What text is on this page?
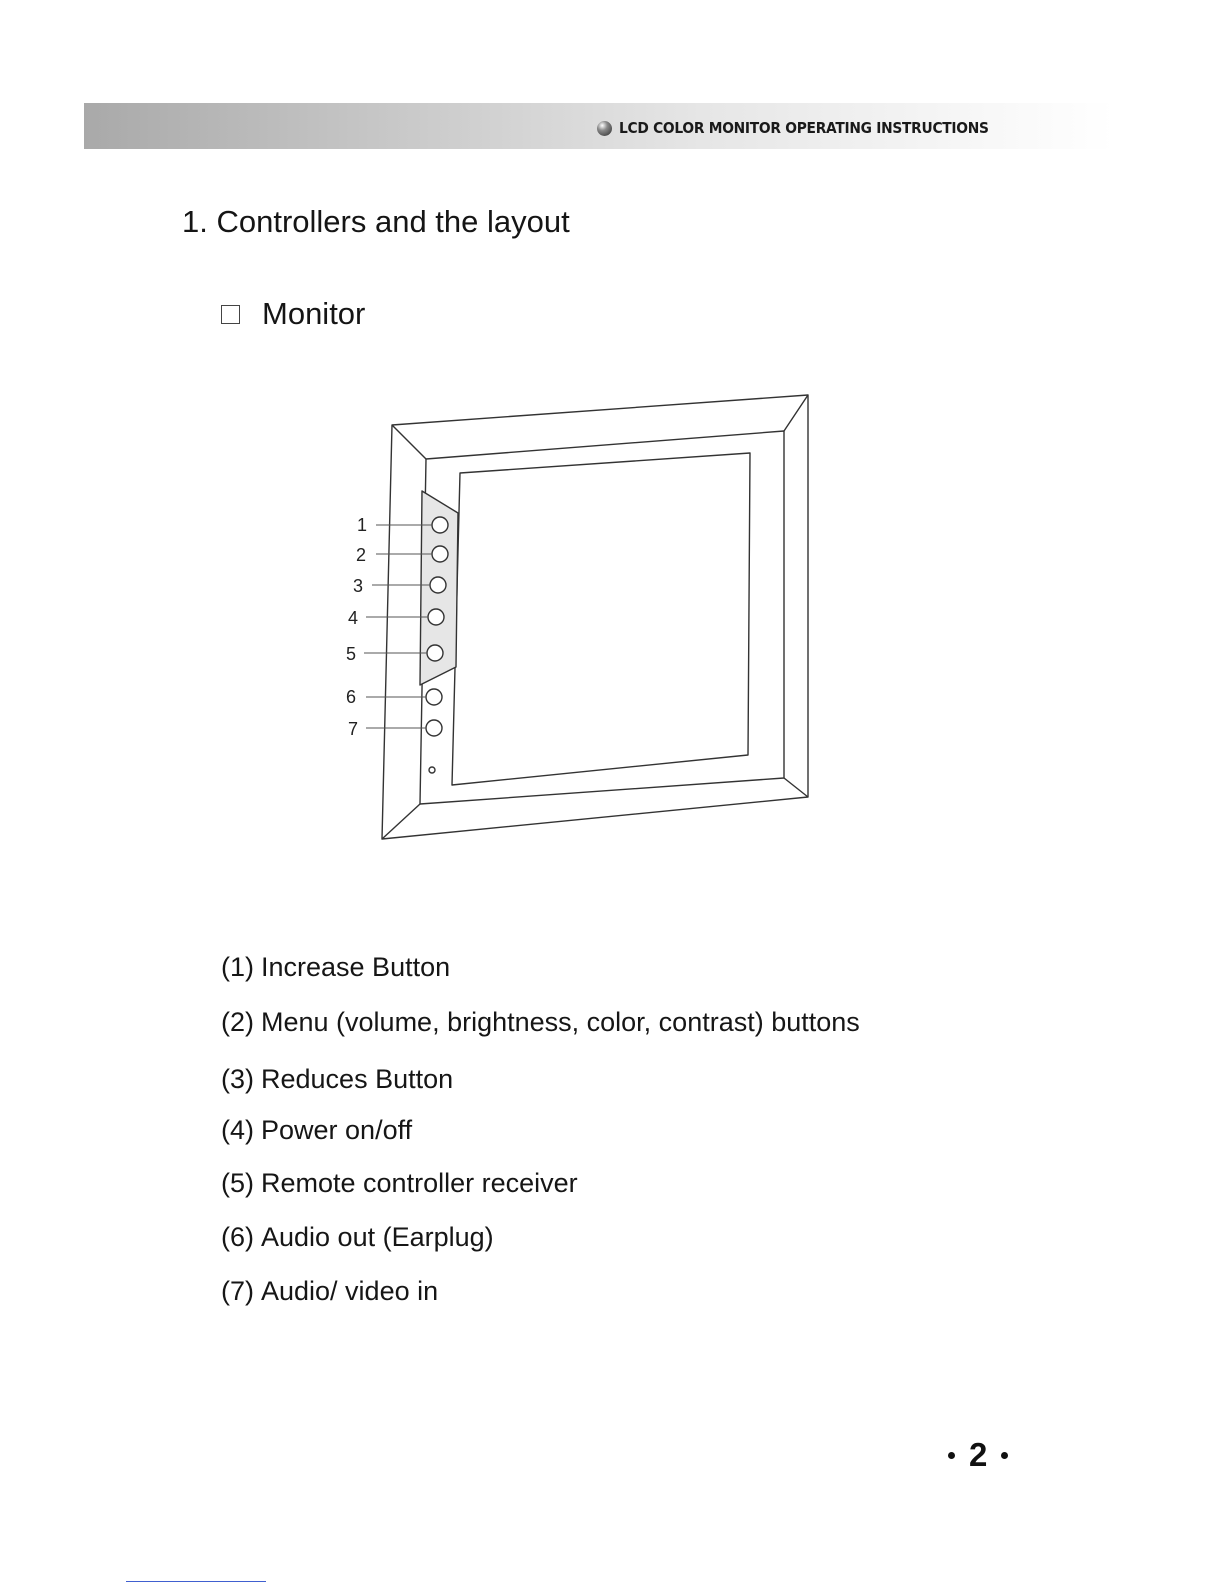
LCD COLOR MONITOR OPERATING INSTRUCTIONS
1. Controllers and the layout
Monitor
1
2
3
4
5
6
7
(1) Increase Button
(2) Menu (volume, brightness, color, contrast) buttons
(3) Reduces Button
(4) Power on/off
(5) Remote controller receiver
(6) Audio out (Earplug)
(7) Audio/ video in
2
